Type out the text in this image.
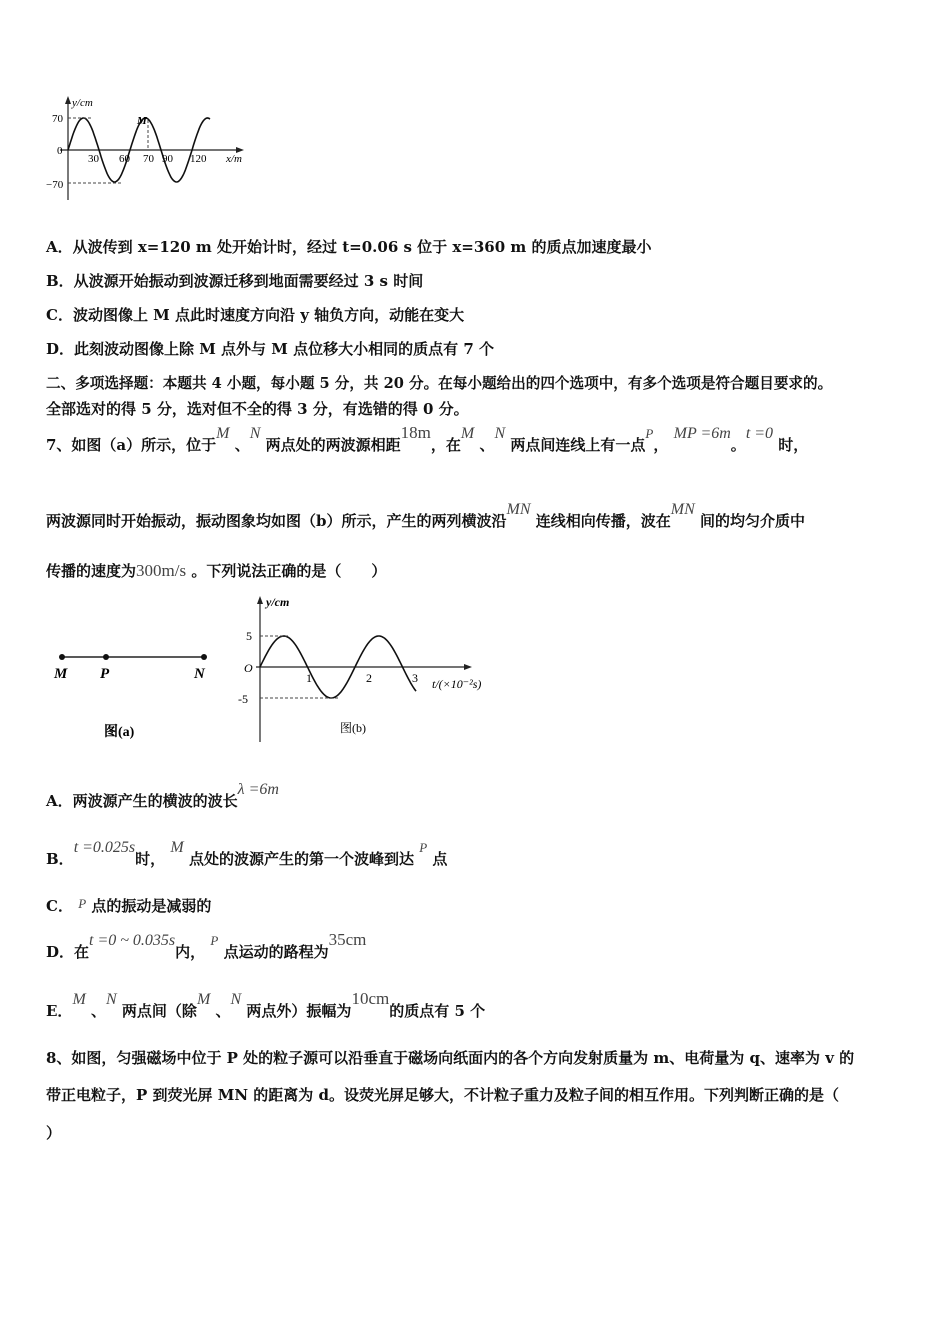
y/cm
x/m
70
0
−70
30 60 70 90 120
M
A．从波传到 x=120 m 处开始计时，经过 t=0.06 s 位于 x=360 m 的质点加速度最小
B．从波源开始振动到波源迁移到地面需要经过 3 s 时间
C．波动图像上 M 点此时速度方向沿 y 轴负方向，动能在变大
D．此刻波动图像上除 M 点外与 M 点位移大小相同的质点有 7 个
二、多项选择题：本题共 4 小题，每小题 5 分，共 20 分。在每小题给出的四个选项中，有多个选项是符合题目要求的。
全部选对的得 5 分，选对但不全的得 3 分，有选错的得 0 分。
7、如图（a）所示，位于M 、N 两点处的两波源相距18m，在M 、N 两点间连线上有一点P， MP =6m。t =0 时，
两波源同时开始振动，振动图象均如图（b）所示，产生的两列横波沿MN 连线相向传播，波在MN 间的均匀介质中
传播的速度为300m/s 。下列说法正确的是（　　）
M P	N
图(a)
y/cm
t/(×10⁻²s)
5
O
-5
1	2	3
图(b)
A．两波源产生的横波的波长λ =6m
B．t =0.025s时， M 点处的波源产生的第一个波峰到达 P 点
C． P 点的振动是减弱的
D．在t =0 ~ 0.035s内， P 点运动的路程为35cm
E．M 、N 两点间（除M 、N 两点外）振幅为10cm的质点有 5 个
8、如图，匀强磁场中位于 P 处的粒子源可以沿垂直于磁场向纸面内的各个方向发射质量为 m、电荷量为 q、速率为 v 的
带正电粒子，P 到荧光屏 MN 的距离为 d。设荧光屏足够大，不计粒子重力及粒子间的相互作用。下列判断正确的是（
）
